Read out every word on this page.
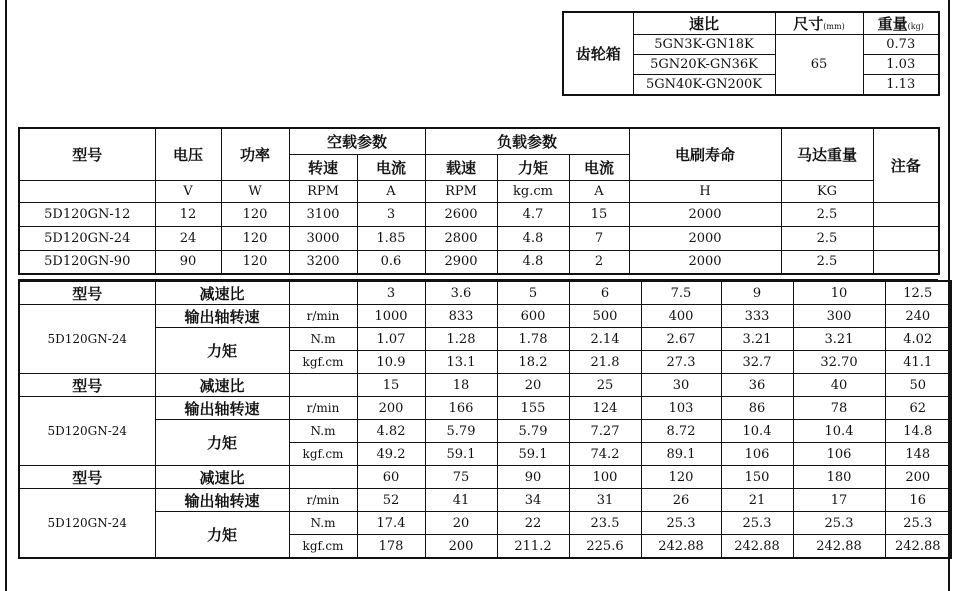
齿轮箱	速比	尺寸(mm)	重量(kg)
	5GN3K-GN18K	65	0.73
	5GN20K-GN36K		1.03
	5GN40K-GN200K		1.13
型号	电压	功率	空载参数		负载参数			电刷寿命	马达重量	注备
			转速	电流	载速	力矩	电流			
	V	W	RPM	A	RPM	kg.cm	A	H	KG	
5D120GN-12	12	120	3100	3	2600	4.7	15	2000	2.5	
5D120GN-24	24	120	3000	1.85	2800	4.8	7	2000	2.5	
5D120GN-90	90	120	3200	0.6	2900	4.8	2	2000	2.5	
型号	减速比		3	3.6	5	6	7.5	9	10	12.5
5D120GN-24	输出轴转速	r/min	1000	833	600	500	400	333	300	240
	力矩	N.m	1.07	1.28	1.78	2.14	2.67	3.21	3.21	4.02
		kgf.cm	10.9	13.1	18.2	21.8	27.3	32.7	32.70	41.1
型号	减速比		15	18	20	25	30	36	40	50
5D120GN-24	输出轴转速	r/min	200	166	155	124	103	86	78	62
	力矩	N.m	4.82	5.79	5.79	7.27	8.72	10.4	10.4	14.8
		kgf.cm	49.2	59.1	59.1	74.2	89.1	106	106	148
型号	减速比		60	75	90	100	120	150	180	200
5D120GN-24	输出轴转速	r/min	52	41	34	31	26	21	17	16
	力矩	N.m	17.4	20	22	23.5	25.3	25.3	25.3	25.3
		kgf.cm	178	200	211.2	225.6	242.88	242.88	242.88	242.88
